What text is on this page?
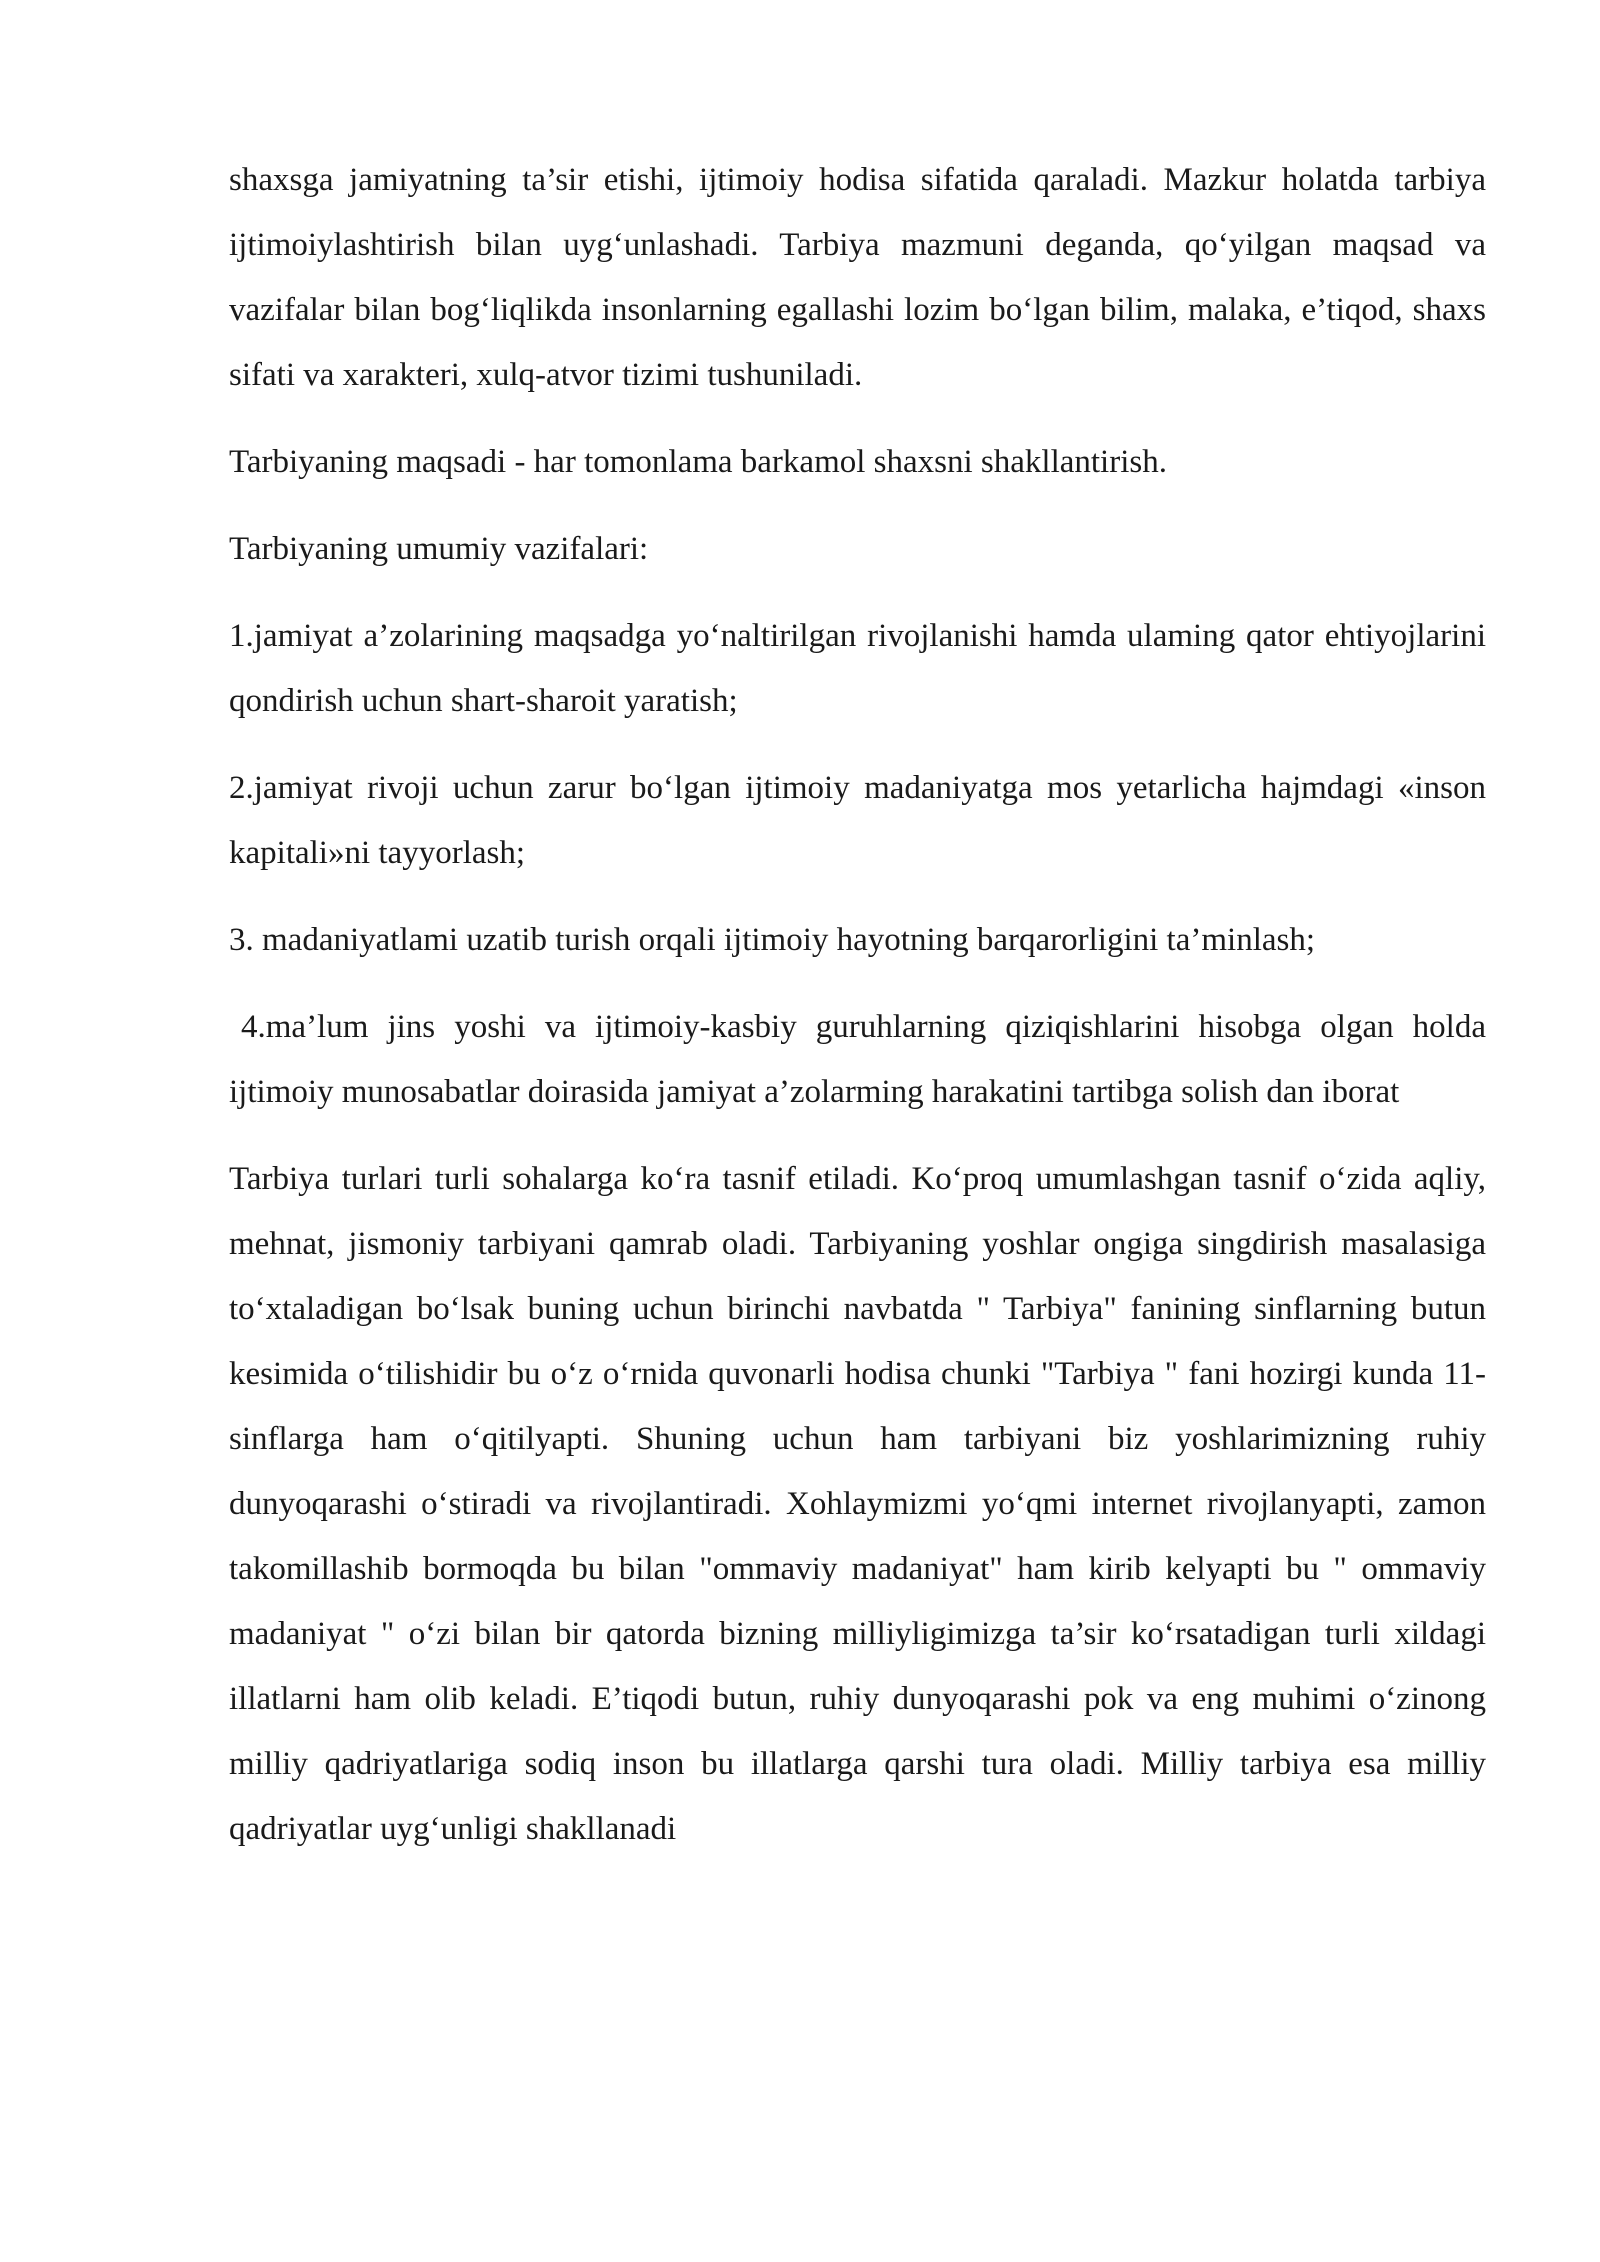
shaxsga jamiyatning ta’sir etishi, ijtimoiy hodisa sifatida qaraladi. Mazkur holatda tarbiya ijtimoiylashtirish bilan uyg‘unlashadi. Tarbiya mazmuni deganda, qo‘yilgan maqsad va vazifalar bilan bog‘liqlikda insonlarning egallashi lozim bo‘lgan bilim, malaka, e’tiqod, shaxs sifati va xarakteri, xulq-atvor tizimi tushuniladi.

Tarbiyaning maqsadi - har tomonlama barkamol shaxsni shakllantirish.

Tarbiyaning umumiy vazifalari:

1.jamiyat a’zolarining maqsadga yo‘naltirilgan rivojlanishi hamda ulaming qator ehtiyojlarini qondirish uchun shart-sharoit yaratish;

2.jamiyat rivoji uchun zarur bo‘lgan ijtimoiy madaniyatga mos yetarlicha hajmdagi «inson kapitali»ni tayyorlash;

3. madaniyatlami uzatib turish orqali ijtimoiy hayotning barqarorligini ta’minlash;

4.ma’lum jins yoshi va ijtimoiy-kasbiy guruhlarning qiziqishlarini hisobga olgan holda ijtimoiy munosabatlar doirasida jamiyat a’zolarming harakatini tartibga solish dan iborat

Tarbiya turlari turli sohalarga ko‘ra tasnif etiladi. Ko‘proq umumlashgan tasnif o‘zida aqliy, mehnat, jismoniy tarbiyani qamrab oladi. Tarbiyaning yoshlar ongiga singdirish masalasiga to‘xtaladigan bo‘lsak buning uchun birinchi navbatda " Tarbiya" fanining sinflarning butun kesimida o‘tilishidir bu o‘z o‘rnida quvonarli hodisa chunki "Tarbiya " fani hozirgi kunda 11-sinflarga ham o‘qitilyapti. Shuning uchun ham tarbiyani biz yoshlarimizning ruhiy dunyoqarashi o‘stiradi va rivojlantiradi. Xohlaymizmi yo‘qmi internet rivojlanyapti, zamon takomillashib bormoqda bu bilan "ommaviy madaniyat" ham kirib kelyapti bu " ommaviy madaniyat " o‘zi bilan bir qatorda bizning milliyligimizga ta’sir ko‘rsatadigan turli xildagi illatlarni ham olib keladi. E’tiqodi butun, ruhiy dunyoqarashi pok va eng muhimi o‘zinong milliy qadriyatlariga sodiq inson bu illatlarga qarshi tura oladi. Milliy tarbiya esa milliy qadriyatlar uyg‘unligi shakllanadi
